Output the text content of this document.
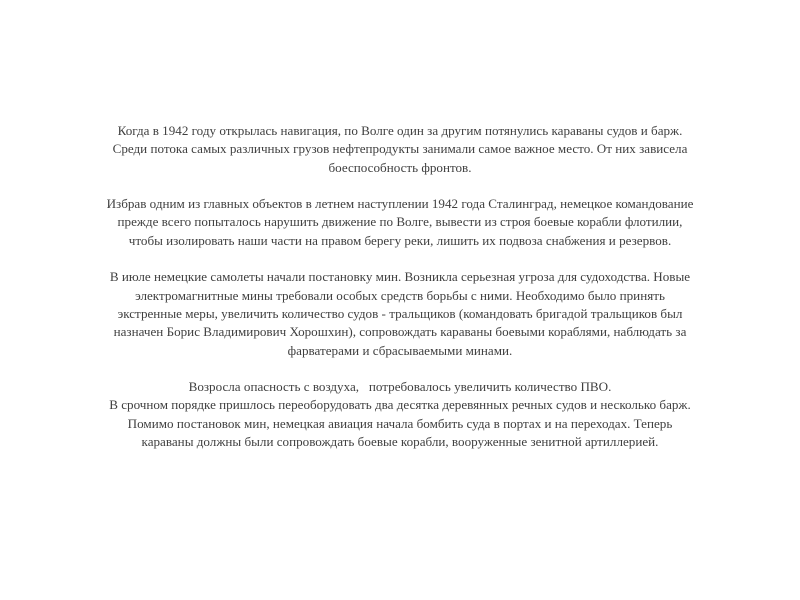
Когда в 1942 году открылась навигация, по Волге один за другим потянулись караваны судов и барж.
Среди потока самых различных грузов нефтепродукты занимали самое важное место. От них зависела
боеспособность фронтов.

Избрав одним из главных объектов в летнем наступлении 1942 года Сталинград, немецкое командование
прежде всего попыталось нарушить движение по Волге, вывести из строя боевые корабли флотилии,
чтобы изолировать наши части на правом берегу реки, лишить их подвоза снабжения и резервов.

В июле немецкие самолеты начали постановку мин. Возникла серьезная угроза для судоходства. Новые
электромагнитные мины требовали особых средств борьбы с ними. Необходимо было принять
экстренные меры, увеличить количество судов - тральщиков (командовать бригадой тральщиков был
назначен Борис Владимирович Хорошхин), сопровождать караваны боевыми кораблями, наблюдать за
фарватерами и сбрасываемыми минами.

Возросла опасность с воздуха,   потребовалось увеличить количество ПВО.
В срочном порядке пришлось переоборудовать два десятка деревянных речных судов и несколько барж.
Помимо постановок мин, немецкая авиация начала бомбить суда в портах и на переходах. Теперь
караваны должны были сопровождать боевые корабли, вооруженные зенитной артиллерией.
